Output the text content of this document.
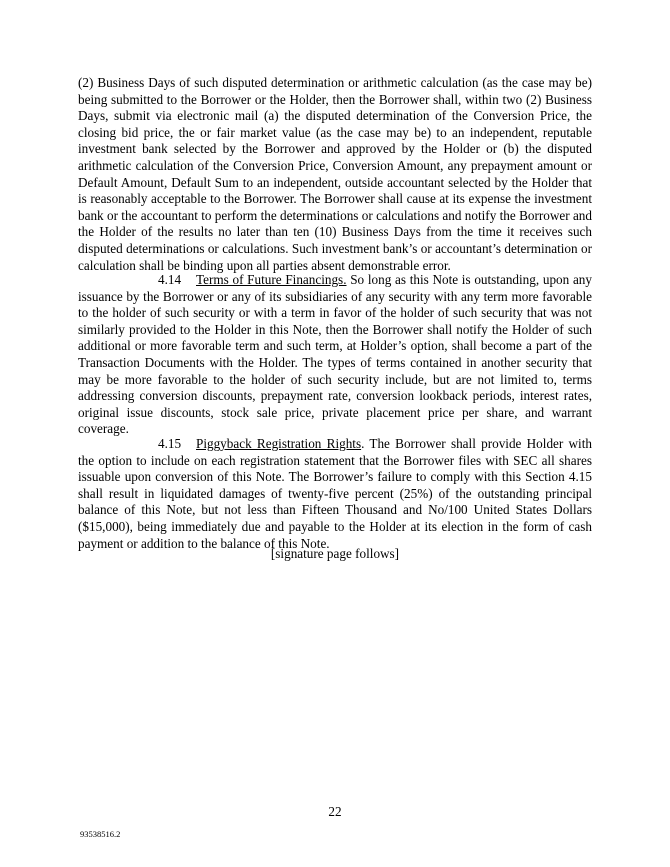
(2) Business Days of such disputed determination or arithmetic calculation (as the case may be) being submitted to the Borrower or the Holder, then the Borrower shall, within two (2) Business Days, submit via electronic mail (a) the disputed determination of the Conversion Price, the closing bid price, the or fair market value (as the case may be) to an independent, reputable investment bank selected by the Borrower and approved by the Holder or (b) the disputed arithmetic calculation of the Conversion Price, Conversion Amount, any prepayment amount or Default Amount, Default Sum to an independent, outside accountant selected by the Holder that is reasonably acceptable to the Borrower. The Borrower shall cause at its expense the investment bank or the accountant to perform the determinations or calculations and notify the Borrower and the Holder of the results no later than ten (10) Business Days from the time it receives such disputed determinations or calculations. Such investment bank’s or accountant’s determination or calculation shall be binding upon all parties absent demonstrable error.

4.14 Terms of Future Financings. So long as this Note is outstanding, upon any issuance by the Borrower or any of its subsidiaries of any security with any term more favorable to the holder of such security or with a term in favor of the holder of such security that was not similarly provided to the Holder in this Note, then the Borrower shall notify the Holder of such additional or more favorable term and such term, at Holder’s option, shall become a part of the Transaction Documents with the Holder. The types of terms contained in another security that may be more favorable to the holder of such security include, but are not limited to, terms addressing conversion discounts, prepayment rate, conversion lookback periods, interest rates, original issue discounts, stock sale price, private placement price per share, and warrant coverage.

4.15 Piggyback Registration Rights. The Borrower shall provide Holder with the option to include on each registration statement that the Borrower files with SEC all shares issuable upon conversion of this Note. The Borrower’s failure to comply with this Section 4.15 shall result in liquidated damages of twenty-five percent (25%) of the outstanding principal balance of this Note, but not less than Fifteen Thousand and No/100 United States Dollars ($15,000), being immediately due and payable to the Holder at its election in the form of cash payment or addition to the balance of this Note.

[signature page follows]
22
93538516.2
